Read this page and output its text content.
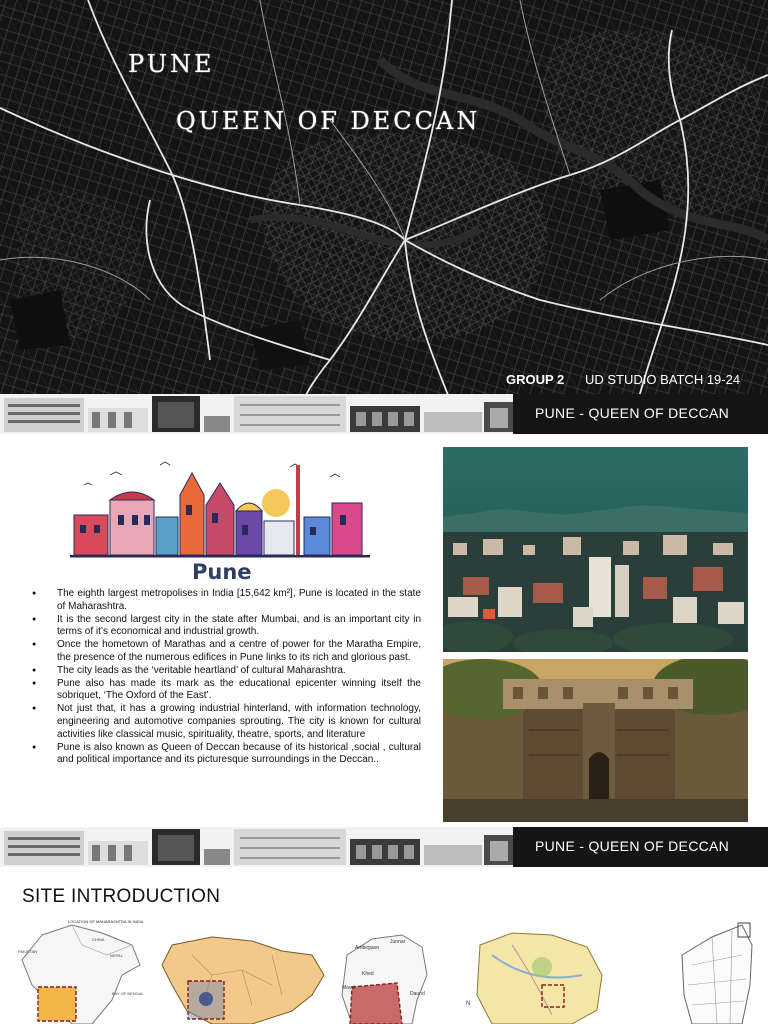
PUNE
QUEEN OF DECCAN
GROUP 2 UD STUDIO BATCH 19-24
PUNE - QUEEN OF DECCAN
Pune
● The eighth largest metropolises in India [15,642 km²], Pune is located in the state of Maharashtra.
● It is the second largest city in the state after Mumbai, and is an important city in terms of it’s economical and industrial growth.
● Once the hometown of Marathas and a centre of power for the Maratha Empire, the presence of the numerous edifices in Pune links to its rich and glorious past.
● The city leads as the ‘veritable heartland’ of cultural Maharashtra.
● Pune also has made its mark as the educational epicenter winning itself the sobriquet, ‘The Oxford of the East’.
● Not just that, it has a growing industrial hinterland, with information technology, engineering and automotive companies sprouting. The city is known for cultural activities like classical music, spirituality, theatre, sports, and literature
● Pune is also known as Queen of Deccan because of its historical ,social , cultural and political importance and its picturesque surroundings in the Deccan..
PUNE - QUEEN OF DECCAN
SITE INTRODUCTION
PAKISTAN
CHINA
NEPAL
BAY OF BENGAL
LOCATION OF MAHARASHTRA IN INDIA
Ambegaon
Junnar
Khed
Maval
Daund
N
